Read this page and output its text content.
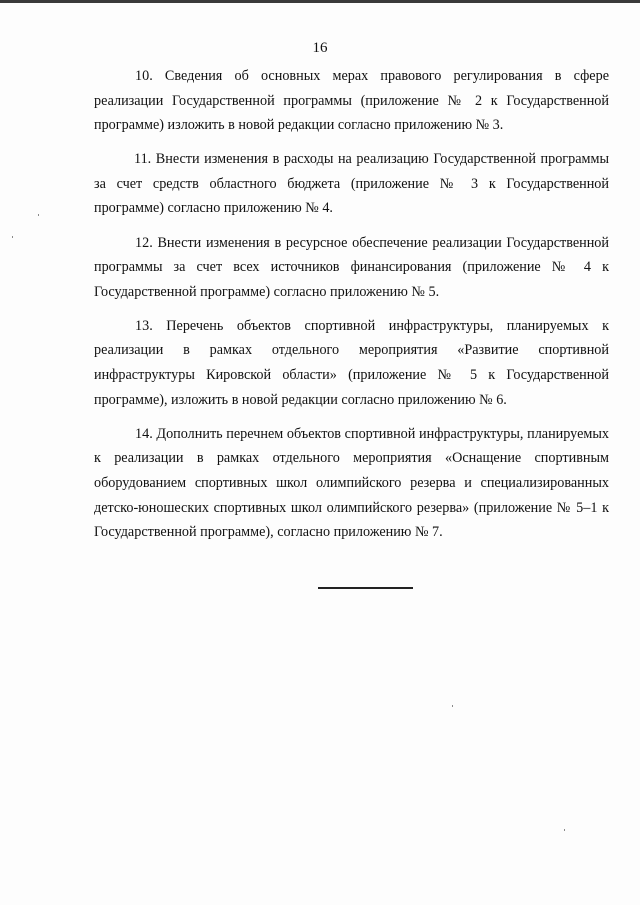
16

10. Сведения об основных мерах правового регулирования в сфере реализации Государственной программы (приложение № 2 к Государственной программе) изложить в новой редакции согласно приложению № 3.

11. Внести изменения в расходы на реализацию Государственной программы за счет средств областного бюджета (приложение № 3 к Государственной программе) согласно приложению № 4.

12. Внести изменения в ресурсное обеспечение реализации Государственной программы за счет всех источников финансирования (приложение № 4 к Государственной программе) согласно приложению № 5.

13. Перечень объектов спортивной инфраструктуры, планируемых к реализации в рамках отдельного мероприятия «Развитие спортивной инфраструктуры Кировской области» (приложение № 5 к Государственной программе), изложить в новой редакции согласно приложению № 6.

14. Дополнить перечнем объектов спортивной инфраструктуры, планируемых к реализации в рамках отдельного мероприятия «Оснащение спортивным оборудованием спортивных школ олимпийского резерва и специализированных детско-юношеских спортивных школ олимпийского резерва» (приложение № 5–1 к Государственной программе), согласно приложению № 7.
